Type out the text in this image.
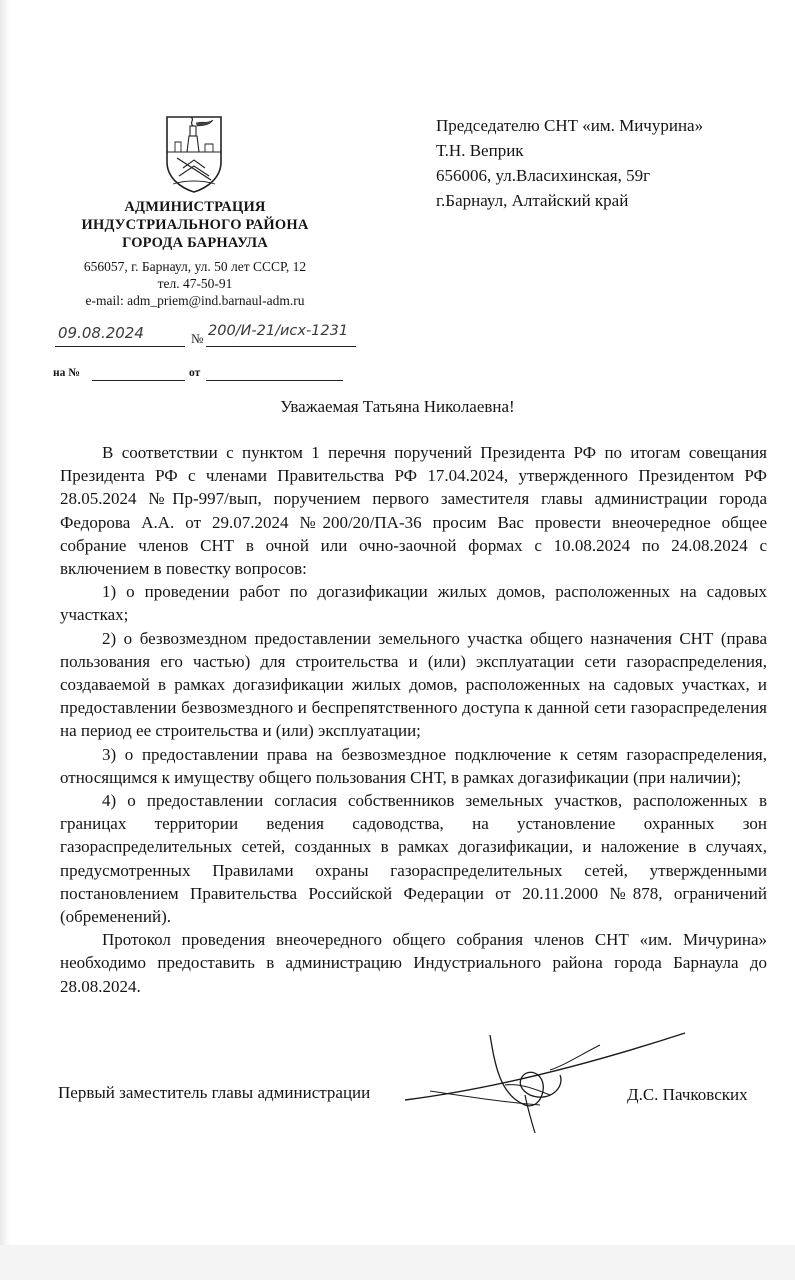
АДМИНИСТРАЦИЯ
ИНДУСТРИАЛЬНОГО РАЙОНА
ГОРОДА БАРНАУЛА
656057, г. Барнаул, ул. 50 лет СССР, 12
тел. 47-50-91
e-mail: adm_priem@ind.barnaul-adm.ru
09.08.2024	№ 200/И-21/исх-1231
на №	от
Председателю СНТ «им. Мичурина»
Т.Н. Веприк
656006, ул.Власихинская, 59г
г.Барнаул, Алтайский край
Уважаемая Татьяна Николаевна!

В соответствии с пунктом 1 перечня поручений Президента РФ по итогам совещания Президента РФ с членами Правительства РФ 17.04.2024, утвержденного Президентом РФ 28.05.2024 №Пр-997/вып, поручением первого заместителя главы администрации города Федорова А.А. от 29.07.2024 №200/20/ПА-36 просим Вас провести внеочередное общее собрание членов СНТ в очной или очно-заочной формах с 10.08.2024 по 24.08.2024 с включением в повестку вопросов:

1) о проведении работ по догазификации жилых домов, расположенных на садовых участках;

2) о безвозмездном предоставлении земельного участка общего назначения СНТ (права пользования его частью) для строительства и (или) эксплуатации сети газораспределения, создаваемой в рамках догазификации жилых домов, расположенных на садовых участках, и предоставлении безвозмездного и беспрепятственного доступа к данной сети газораспределения на период ее строительства и (или) эксплуатации;

3) о предоставлении права на безвозмездное подключение к сетям газораспределения, относящимся к имуществу общего пользования СНТ, в рамках догазификации (при наличии);

4) о предоставлении согласия собственников земельных участков, расположенных в границах территории ведения садоводства, на установление охранных зон газораспределительных сетей, созданных в рамках догазификации, и наложение в случаях, предусмотренных Правилами охраны газораспределительных сетей, утвержденными постановлением Правительства Российской Федерации от 20.11.2000 №878, ограничений (обременений).

Протокол проведения внеочередного общего собрания членов СНТ «им. Мичурина» необходимо предоставить в администрацию Индустриального района города Барнаула до 28.08.2024.

Первый заместитель главы администрации	Д.С. Пачковских
